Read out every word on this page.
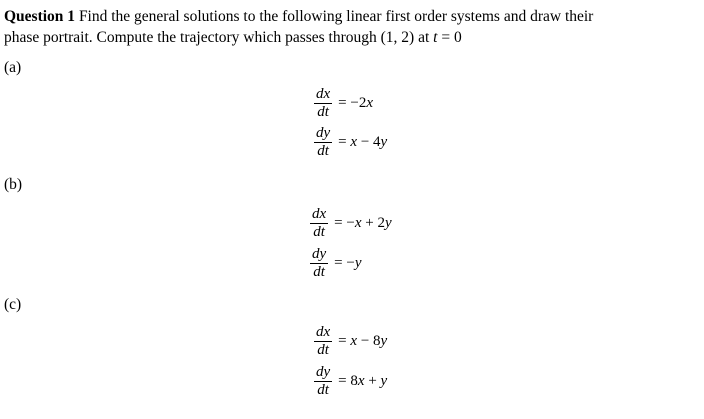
Question 1 Find the general solutions to the following linear first order systems and draw their
phase portrait. Compute the trajectory which passes through (1, 2) at t = 0
(a)
$\frac{dx}{dt} = -2x$
$\frac{dy}{dt} = x - 4y$
(b)
$\frac{dx}{dt} = -x + 2y$
$\frac{dy}{dt} = -y$
(c)
$\frac{dx}{dt} = x - 8y$
$\frac{dy}{dt} = 8x + y$
